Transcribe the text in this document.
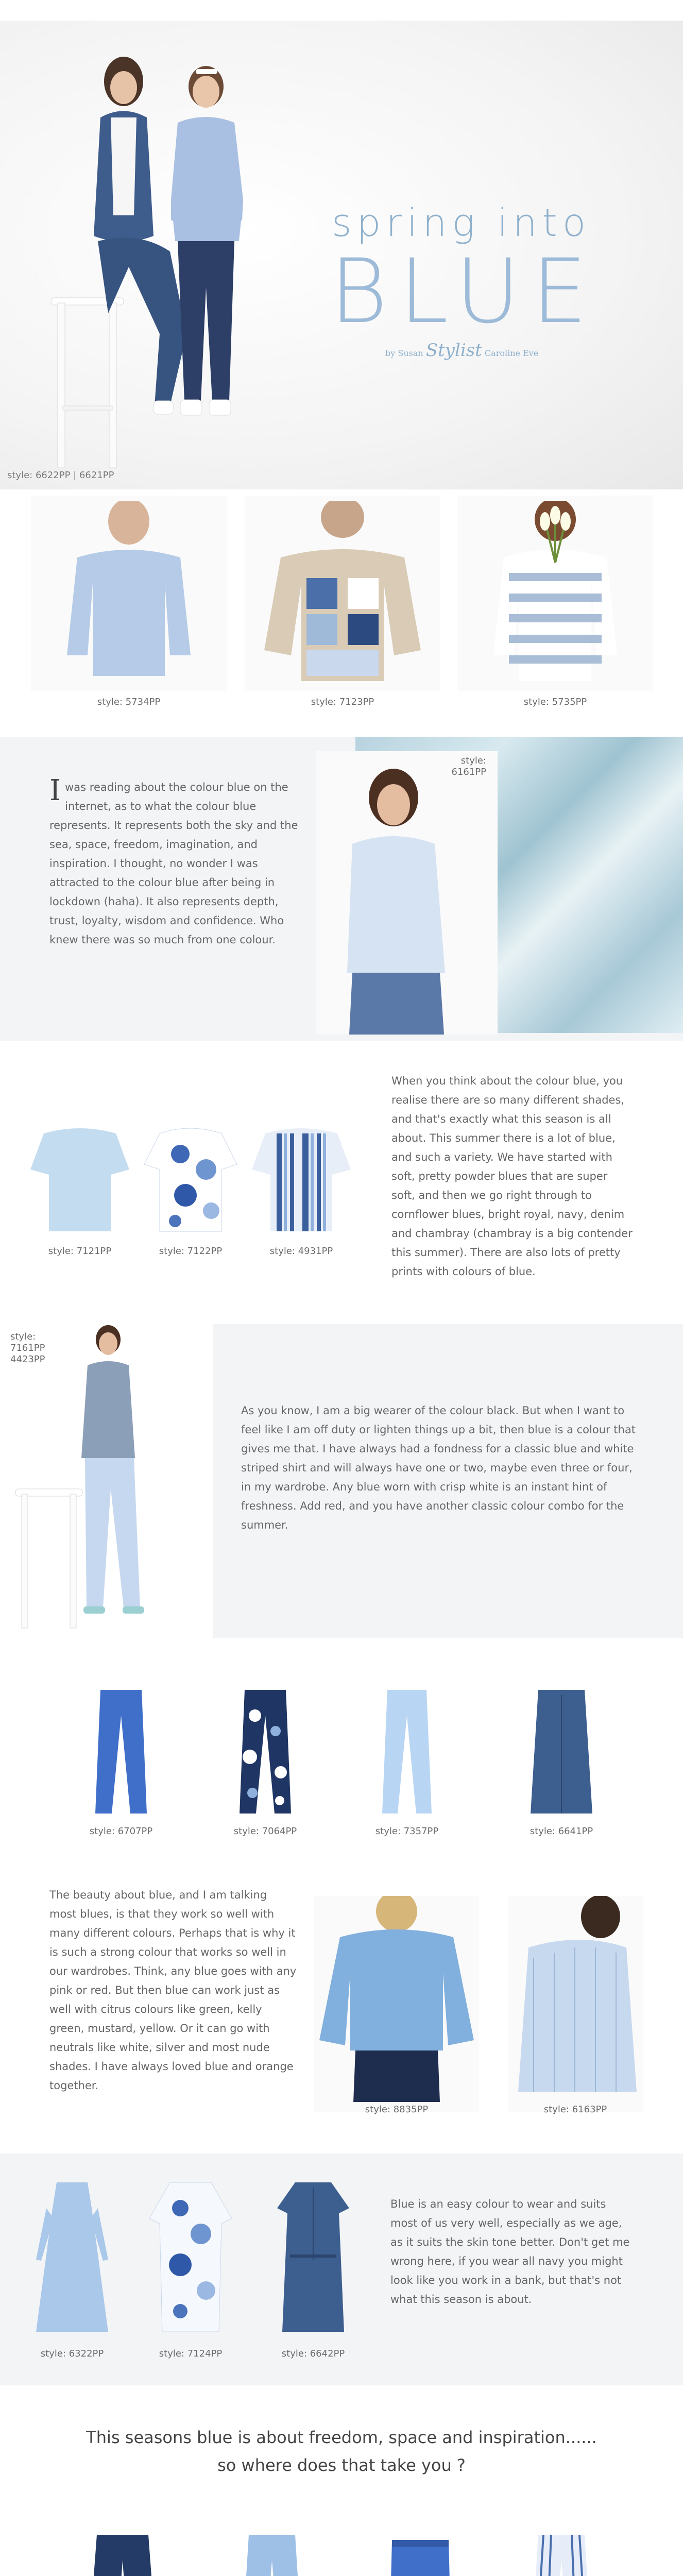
spring into
BLUE
by Susan Stylist Caroline Eve
style: 6622PP | 6621PP
style: 5734PP	style: 7123PP	style: 5735PP
I was reading about the colour blue on the internet, as to what the colour blue represents. It represents both the sky and the sea, space, freedom, imagination, and inspiration. I thought, no wonder I was attracted to the colour blue after being in lockdown (haha). It also represents depth, trust, loyalty, wisdom and confidence. Who knew there was so much from one colour.
style: 6161PP
style: 7121PP	style: 7122PP	style: 4931PP
When you think about the colour blue, you realise there are so many different shades, and that's exactly what this season is all about. This summer there is a lot of blue, and such a variety. We have started with soft, pretty powder blues that are super soft, and then we go right through to cornflower blues, bright royal, navy, denim and chambray (chambray is a big contender this summer). There are also lots of pretty prints with colours of blue.
style:
7161PP
4423PP
As you know, I am a big wearer of the colour black. But when I want to feel like I am off duty or lighten things up a bit, then blue is a colour that gives me that. I have always had a fondness for a classic blue and white striped shirt and will always have one or two, maybe even three or four, in my wardrobe. Any blue worn with crisp white is an instant hint of freshness. Add red, and you have another classic colour combo for the summer.
style: 6707PP	style: 7064PP	style: 7357PP	style: 6641PP
The beauty about blue, and I am talking most blues, is that they work so well with many different colours. Perhaps that is why it is such a strong colour that works so well in our wardrobes. Think, any blue goes with any pink or red. But then blue can work just as well with citrus colours like green, kelly green, mustard, yellow. Or it can go with neutrals like white, silver and most nude shades. I have always loved blue and orange together.
style: 8835PP	style: 6163PP
style: 6322PP	style: 7124PP	style: 6642PP
Blue is an easy colour to wear and suits most of us very well, especially as we age, as it suits the skin tone better. Don't get me wrong here, if you wear all navy you might look like you work in a bank, but that's not what this season is about.
This seasons blue is about freedom, space and inspiration......
so where does that take you ?
